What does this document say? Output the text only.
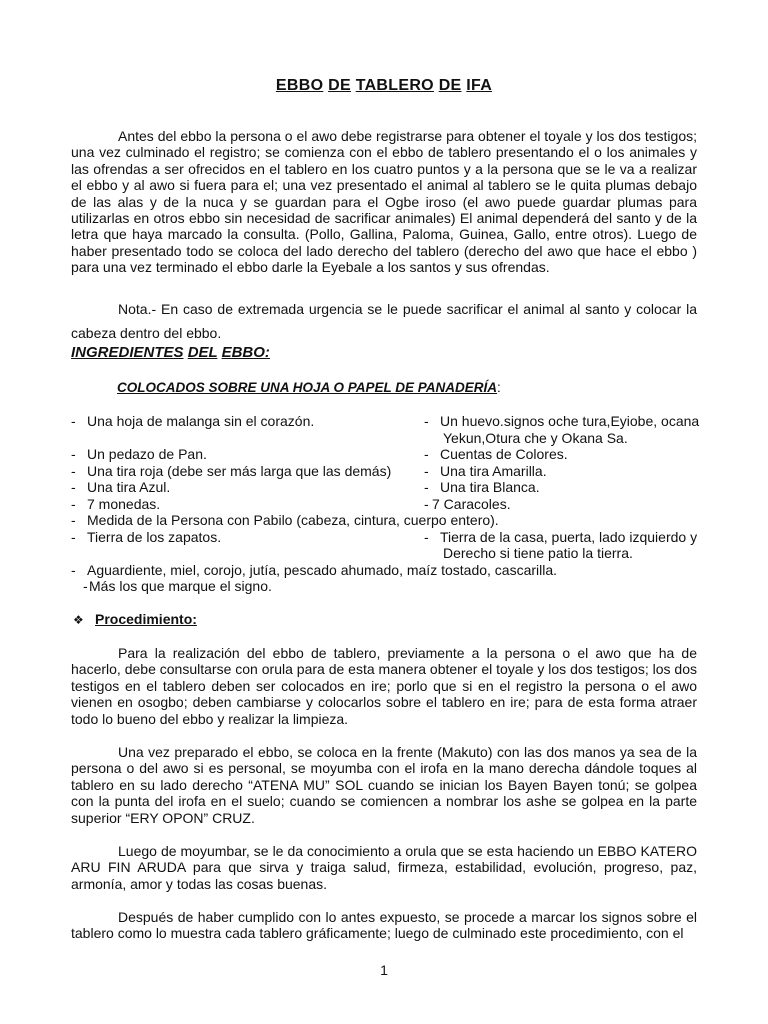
EBBO DE TABLERO DE IFA

Antes del ebbo la persona o el awo debe registrarse para obtener el toyale y los dos testigos; una vez culminado el registro; se comienza con el ebbo de tablero presentando el o los animales y las ofrendas a ser ofrecidos en el tablero en los cuatro puntos y a la persona que se le va a realizar el ebbo y al awo si fuera para el; una vez presentado el animal al tablero se le quita plumas debajo de las alas y de la nuca y se guardan para el Ogbe iroso (el awo puede guardar plumas para utilizarlas en otros ebbo sin necesidad de sacrificar animales) El animal dependerá del santo y de la letra que haya marcado la consulta. (Pollo, Gallina, Paloma, Guinea, Gallo, entre otros). Luego de haber presentado todo se coloca del lado derecho del tablero (derecho del awo que hace el ebbo ) para una vez terminado el ebbo darle la Eyebale a los santos y sus ofrendas.

Nota.- En caso de extremada urgencia se le puede sacrificar el animal al santo y colocar la cabeza dentro del ebbo.

INGREDIENTES DEL EBBO:
COLOCADOS SOBRE UNA HOJA O PAPEL DE PANADERÍA:
- Una hoja de malanga sin el corazón.
- Un pedazo de Pan.
- Una tira roja (debe ser más larga que las demás)
- Una tira Azul.
- 7 monedas.
- Medida de la Persona con Pabilo (cabeza, cintura, cuerpo entero).
- Tierra de los zapatos.
- Aguardiente, miel, corojo, jutía, pescado ahumado, maíz tostado, cascarilla.
-Más los que marque el signo.
- Un huevo.signos oche tura,Eyiobe, ocana
Yekun,Otura che y Okana Sa.
- Cuentas de Colores.
- Una tira Amarilla.
- Una tira Blanca.
- 7 Caracoles.
- Tierra de la casa, puerta, lado izquierdo y
Derecho si tiene patio la tierra.
❖ Procedimiento:

Para la realización del ebbo de tablero, previamente a la persona o el awo que ha de hacerlo, debe consultarse con orula para de esta manera obtener el toyale y los dos testigos; los dos testigos en el tablero deben ser colocados en ire; porlo que si en el registro la persona o el awo vienen en osogbo; deben cambiarse y colocarlos sobre el tablero en ire; para de esta forma atraer todo lo bueno del ebbo y realizar la limpieza.

Una vez preparado el ebbo, se coloca en la frente (Makuto) con las dos manos ya sea de la persona o del awo si es personal, se moyumba con el irofa en la mano derecha dándole toques al tablero en su lado derecho “ATENA MU” SOL cuando se inician los Bayen Bayen tonú; se golpea con la punta del irofa en el suelo; cuando se comiencen a nombrar los ashe se golpea en la parte superior “ERY OPON” CRUZ.

Luego de moyumbar, se le da conocimiento a orula que se esta haciendo un EBBO KATERO ARU FIN ARUDA para que sirva y traiga salud, firmeza, estabilidad, evolución, progreso, paz, armonía, amor y todas las cosas buenas.

Después de haber cumplido con lo antes expuesto, se procede a marcar los signos sobre el tablero como lo muestra cada tablero gráficamente; luego de culminado este procedimiento, con el

1
